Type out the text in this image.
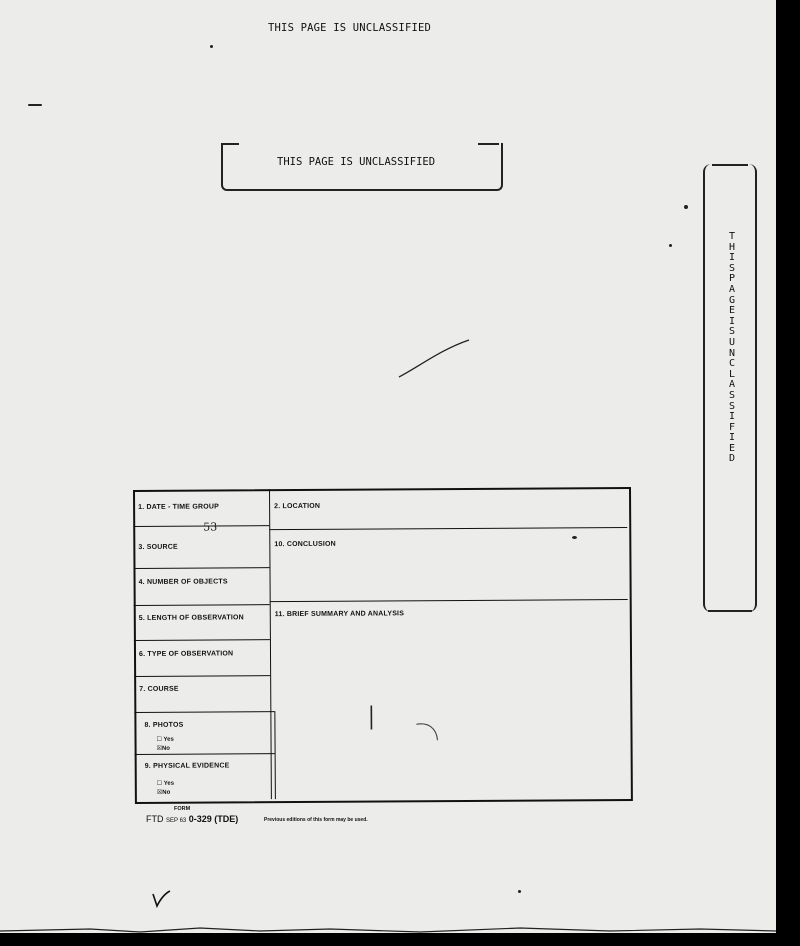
THIS PAGE IS UNCLASSIFIED
THIS PAGE IS UNCLASSIFIED
THIS PAGE IS UNCLASSIFIED
1. DATE - TIME GROUP
53
2. LOCATION
3. SOURCE	10. CONCLUSION
4. NUMBER OF OBJECTS
5. LENGTH OF OBSERVATION
11. BRIEF SUMMARY AND ANALYSIS
6. TYPE OF OBSERVATION
7. COURSE
8. PHOTOS
☐ Yes
☒No
9. PHYSICAL EVIDENCE
☐ Yes
☒No
FORM
FTD SEP 63 0-329 (TDE)	Previous editions of this form may be used.
